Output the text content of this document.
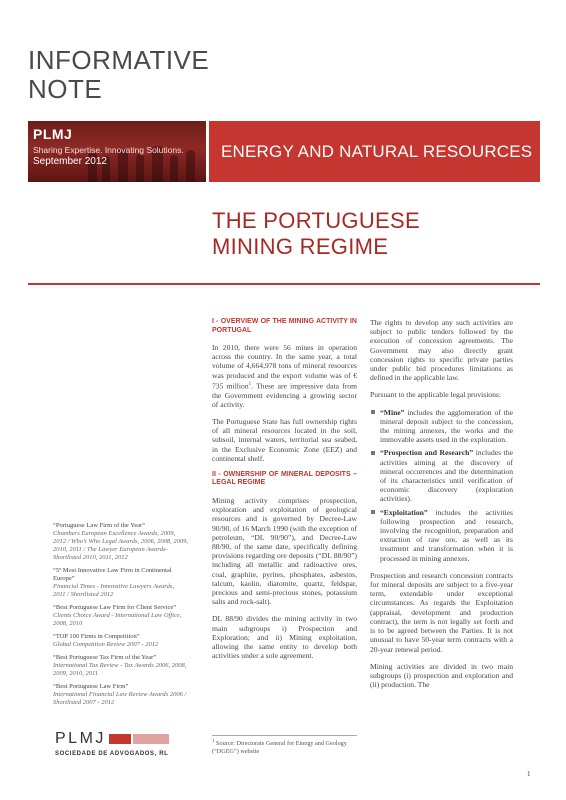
INFORMATIVE
NOTE
PLMJ
Sharing Expertise. Innovating Solutions.
September 2012
ENERGY AND NATURAL RESOURCES
THE PORTUGUESE
MINING REGIME
“Portuguese Law Firm of the Year”
Chambers European Excellence Awards, 2009, 2012 / Who’s Who Legal Awards, 2006, 2008, 2009, 2010, 2011 / The Lawyer European Awards-Shortlisted 2010, 2011, 2012
“5º Most Innovative Law Firm in Continental Europe”
Financial Times - Innovative Lawyers Awards, 2011 / Shortlisted 2012
“Best Portuguese Law Firm for Client Service”
Clients Choice Award - International Law Office, 2008, 2010
“TOP 100 Firms in Competition”
Global Competition Review 2007 - 2012
“Best Portuguese Tax Firm of the Year”
International Tax Review - Tax Awards 2006, 2008, 2009, 2010, 2011
“Best Portuguese Law Firm”
International Financial Law Review Awards 2006 / Shortlisted 2007 - 2012
PLMJ
SOCIEDADE DE ADVOGADOS, RL
I - OVERVIEW OF THE MINING ACTIVITY IN PORTUGAL

In 2010, there were 56 mines in operation across the country. In the same year, a total volume of 4,664,978 tons of mineral resources was produced and the export volume was of € 735 million$^1$. These are impressive data from the Government evidencing a growing sector of activity.

The Portuguese State has full ownership rights of all mineral resources located in the soil, subsoil, internal waters, territorial sea seabed, in the Exclusive Economic Zone (EEZ) and continental shelf.

II - OWNERSHIP OF MINERAL DEPOSITS – LEGAL REGIME

Mining activity comprises prospection, exploration and exploitation of geological resources and is governed by Decree-Law 90/90, of 16 March 1990 (with the exception of petroleum, “DL 90/90”), and Decree-Law 88/90, of the same date, specifically defining provisions regarding ore deposits (“DL 88/90”) including all metallic and radioactive ores, coal, graphite, pyrites, phosphates, asbestos, talcum, kaolin, diatomite, quartz, feldspar, precious and semi-precious stones, potassium salts and rock-salt).

DL 88/90 divides the mining activity in two main subgroups i) Prospection and Exploration; and ii) Mining exploitation, allowing the same entity to develop both activities under a sole agreement.

$^1$ Source: Directorate General for Energy and Geology (“DGEG”) website

The rights to develop any such activities are subject to public tenders followed by the execution of concession agreements. The Government may also directly grant concession rights to specific private parties under public bid procedures limitations as defined in the applicable law.

Pursuant to the applicable legal provisions:

“Mine” includes the agglomeration of the mineral deposit subject to the concession, the mining annexes, the works and the immovable assets used in the exploration.
“Prospection and Research” includes the activities aiming at the discovery of mineral occurrences and the determination of its characteristics until verification of economic discovery (exploration activities).
“Exploitation” includes the activities following prospection and research, involving the recognition, preparation and extraction of raw ore, as well as its treatment and transformation when it is processed in mining annexes.

Prospection and research concession contracts for mineral deposits are subject to a five-year term, extendable under exceptional circumstances. As regards the Exploitation (appraisal, development and production contract), the term is not legally set forth and is to be agreed between the Parties. It is not unusual to have 50-year term contracts with a 20-year renewal period.

Mining activities are divided in two main subgroups (i) prospection and exploration and (ii) production. The

1
